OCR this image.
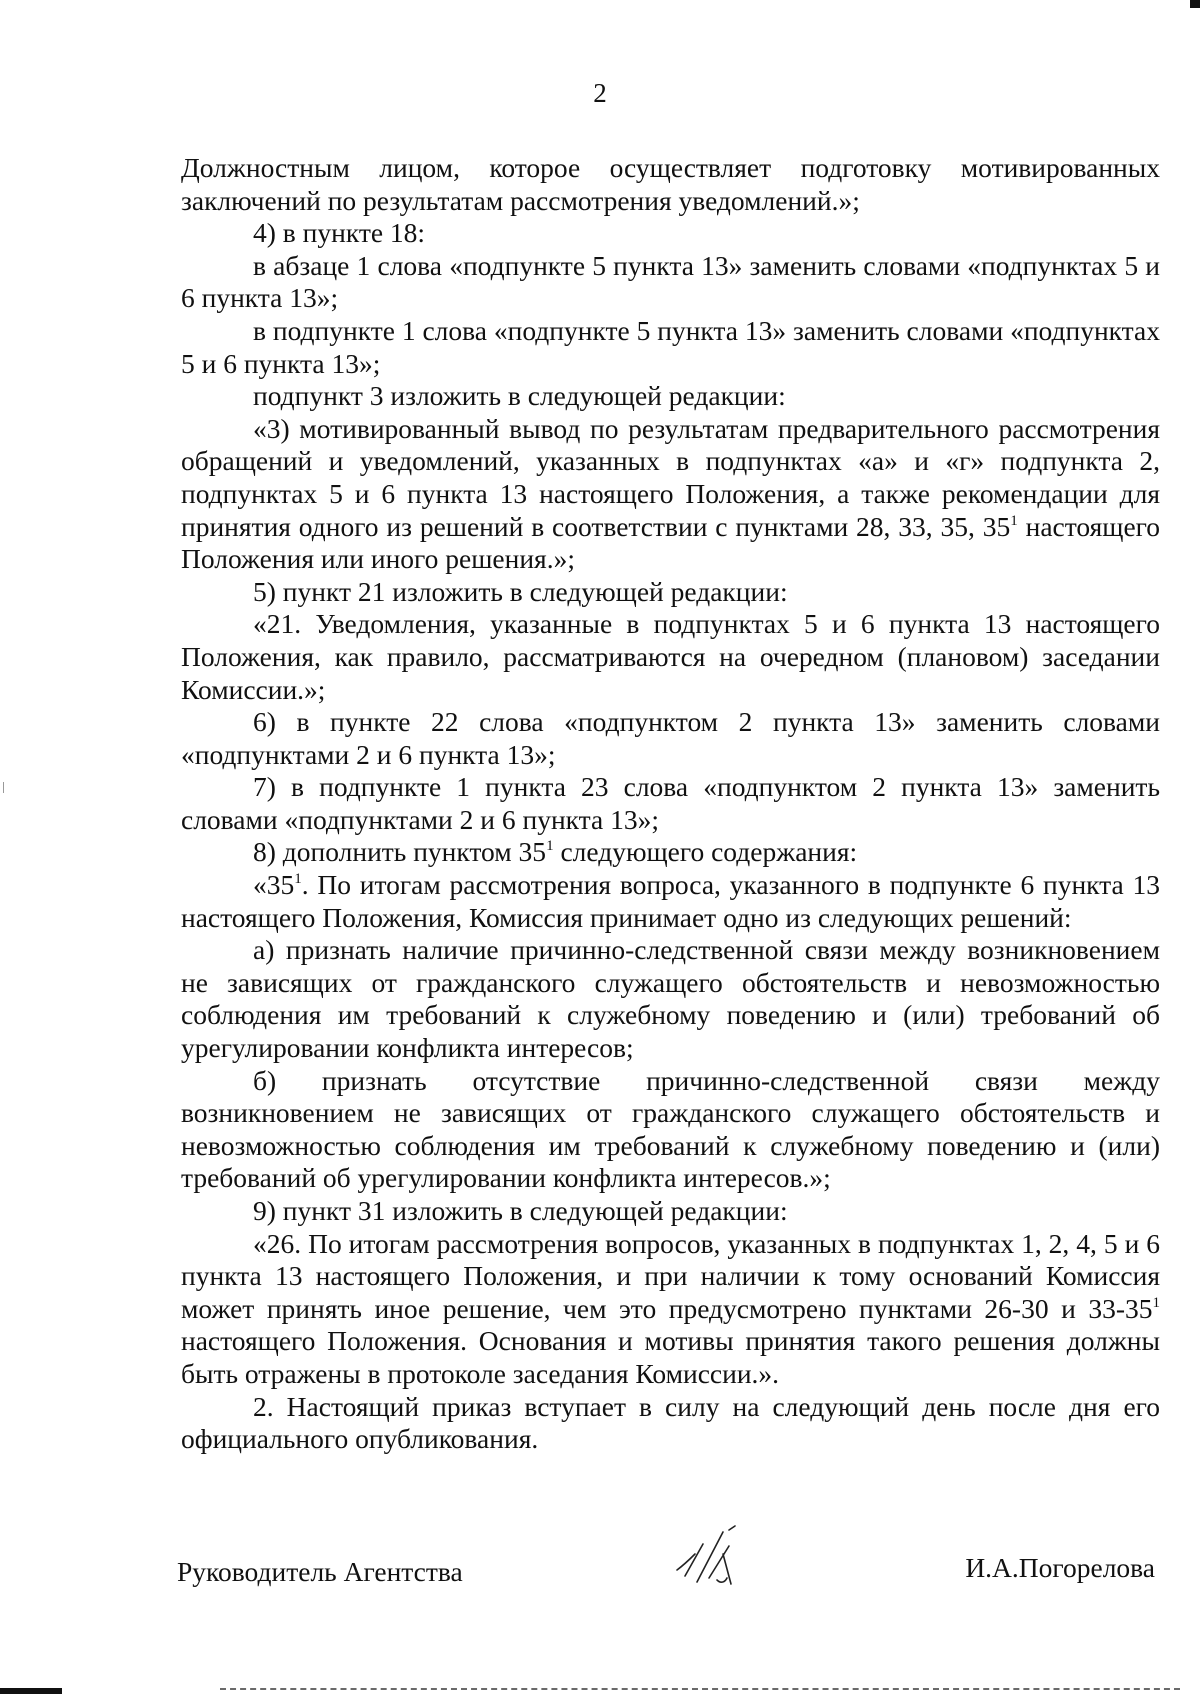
2

Должностным лицом, которое осуществляет подготовку мотивированных заключений по результатам рассмотрения уведомлений.»;

4) в пункте 18:

в абзаце 1 слова «подпункте 5 пункта 13» заменить словами «подпунктах 5 и 6 пункта 13»;

в подпункте 1 слова «подпункте 5 пункта 13» заменить словами «подпунктах 5 и 6 пункта 13»;

подпункт 3 изложить в следующей редакции:

«3) мотивированный вывод по результатам предварительного рассмотрения обращений и уведомлений, указанных в подпунктах «а» и «г» подпункта 2, подпунктах 5 и 6 пункта 13 настоящего Положения, а также рекомендации для принятия одного из решений в соответствии с пунктами 28, 33, 35, $35^1$ настоящего Положения или иного решения.»;

5) пункт 21 изложить в следующей редакции:

«21. Уведомления, указанные в подпунктах 5 и 6 пункта 13 настоящего Положения, как правило, рассматриваются на очередном (плановом) заседании Комиссии.»;

6) в пункте 22 слова «подпунктом 2 пункта 13» заменить словами «подпунктами 2 и 6 пункта 13»;

7) в подпункте 1 пункта 23 слова «подпунктом 2 пункта 13» заменить словами «подпунктами 2 и 6 пункта 13»;

8) дополнить пунктом $35^1$ следующего содержания:

«$35^1$. По итогам рассмотрения вопроса, указанного в подпункте 6 пункта 13 настоящего Положения, Комиссия принимает одно из следующих решений:

а) признать наличие причинно-следственной связи между возникновением не зависящих от гражданского служащего обстоятельств и невозможностью соблюдения им требований к служебному поведению и (или) требований об урегулировании конфликта интересов;

б) признать отсутствие причинно-следственной связи между возникновением не зависящих от гражданского служащего обстоятельств и невозможностью соблюдения им требований к служебному поведению и (или) требований об урегулировании конфликта интересов.»;

9) пункт 31 изложить в следующей редакции:

«26. По итогам рассмотрения вопросов, указанных в подпунктах 1, 2, 4, 5 и 6 пункта 13 настоящего Положения, и при наличии к тому оснований Комиссия может принять иное решение, чем это предусмотрено пунктами 26-30 и $33-35^1$ настоящего Положения. Основания и мотивы принятия такого решения должны быть отражены в протоколе заседания Комиссии.».

2. Настоящий приказ вступает в силу на следующий день после дня его официального опубликования.

Руководитель Агентства	И.А.Погорелова
